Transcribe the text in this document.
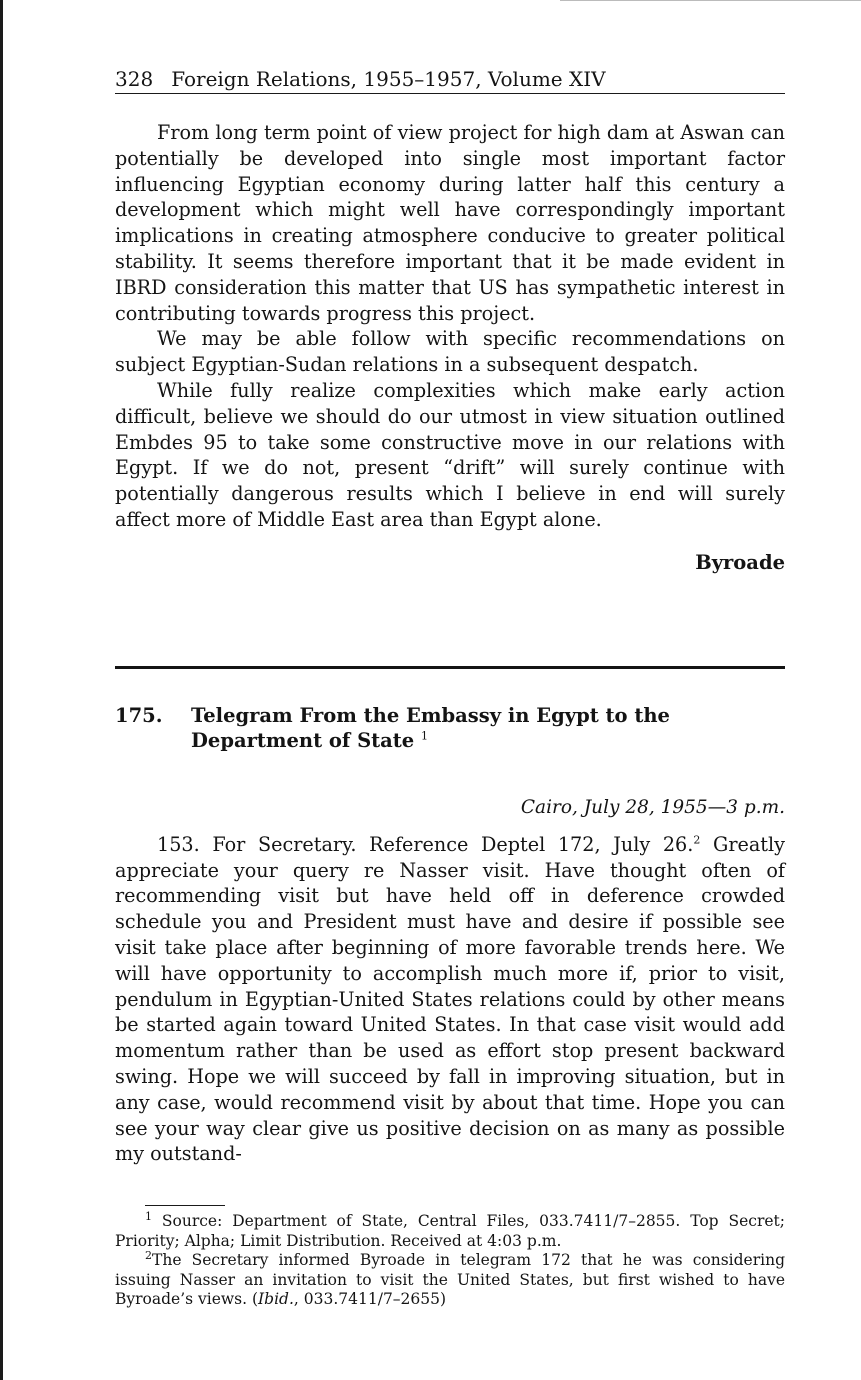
328 Foreign Relations, 1955–1957, Volume XIV

From long term point of view project for high dam at Aswan can potentially be developed into single most important factor influencing Egyptian economy during latter half this century a development which might well have correspondingly important implications in creating atmosphere conducive to greater political stability. It seems therefore important that it be made evident in IBRD consideration this matter that US has sympathetic interest in contributing towards progress this project.

We may be able follow with specific recommendations on subject Egyptian-Sudan relations in a subsequent despatch.

While fully realize complexities which make early action difficult, believe we should do our utmost in view situation outlined Embdes 95 to take some constructive move in our relations with Egypt. If we do not, present “drift” will surely continue with potentially dangerous results which I believe in end will surely affect more of Middle East area than Egypt alone.

Byroade
175.	Telegram From the Embassy in Egypt to the Department of State $^1$
Cairo, July 28, 1955—3 p.m.

153. For Secretary. Reference Deptel 172, July 26.$^2$ Greatly appreciate your query re Nasser visit. Have thought often of recommending visit but have held off in deference crowded schedule you and President must have and desire if possible see visit take place after beginning of more favorable trends here. We will have opportunity to accomplish much more if, prior to visit, pendulum in Egyptian-United States relations could by other means be started again toward United States. In that case visit would add momentum rather than be used as effort stop present backward swing. Hope we will succeed by fall in improving situation, but in any case, would recommend visit by about that time. Hope you can see your way clear give us positive decision on as many as possible my outstand-

$^1$ Source: Department of State, Central Files, 033.7411/7–2855. Top Secret; Priority; Alpha; Limit Distribution. Received at 4:03 p.m.

$^2$The Secretary informed Byroade in telegram 172 that he was considering issuing Nasser an invitation to visit the United States, but first wished to have Byroade’s views. (Ibid., 033.7411/7–2655)
